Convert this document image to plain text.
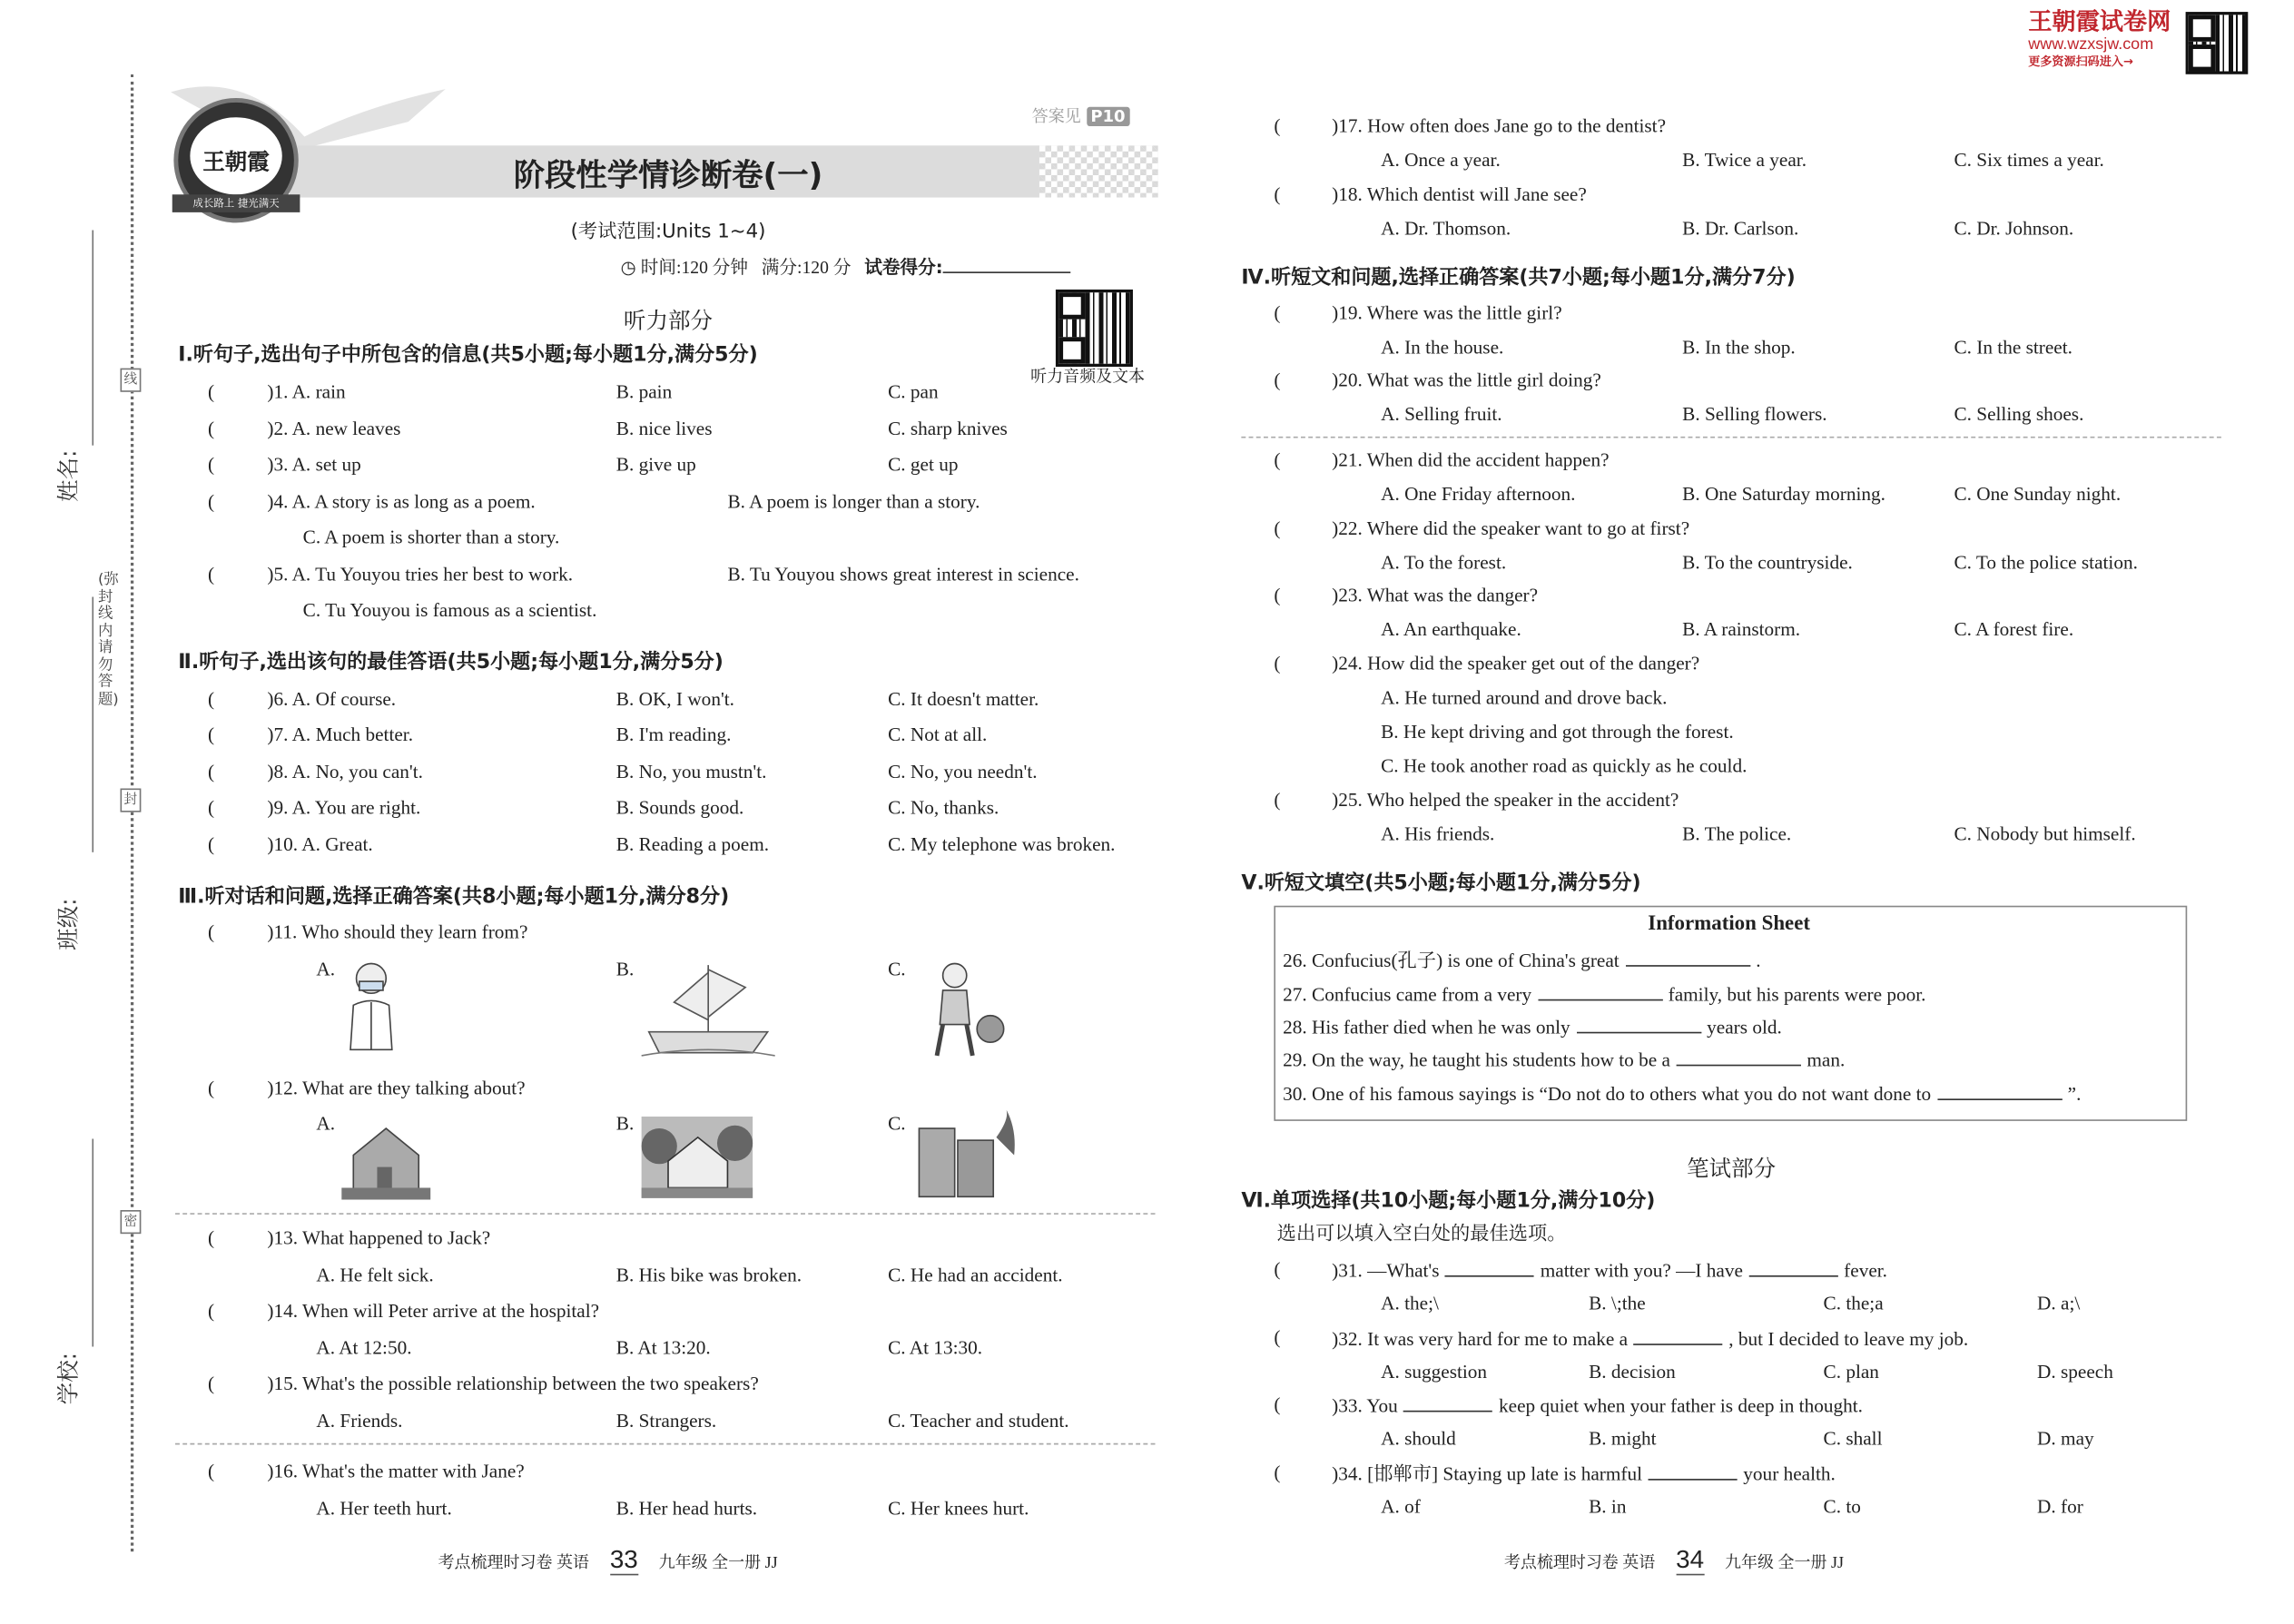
线
封
密
姓名:
班级:
学校:
(弥封线内请勿答题)
王朝霞
成长路上 捷光满天
答案见 P10
阶段性学情诊断卷(一)
(考试范围:Units 1~4)
◷ 时间:120 分钟 满分:120 分 试卷得分:
听力音频及文本
听力部分
王朝霞试卷网
www.wzxsjw.com
更多资源扫码进入→
Information Sheet
笔试部分
考点梳理时习卷 英语 33 九年级 全一册 JJ	考点梳理时习卷 英语 34 九年级 全一册 JJ
Ⅰ.听句子,选出句子中所包含的信息(共5小题;每小题1分,满分5分)
(	)1. A. rain	B. pain	C. pan
(	)2. A. new leaves	B. nice lives	C. sharp knives
(	)3. A. set up	B. give up	C. get up
(	)6. A. Of course.	B. OK, I won't.	C. It doesn't matter.
(	)7. A. Much better.	B. I'm reading.	C. Not at all.
(	)8. A. No, you can't.	B. No, you mustn't.	C. No, you needn't.
(	)9. A. You are right.	B. Sounds good.	C. No, thanks.
(	)10. A. Great.	B. Reading a poem.	C. My telephone was broken.
(	)4. A. A story is as long as a poem.	B. A poem is longer than a story.
C. A poem is shorter than a story.
(	)5. A. Tu Youyou tries her best to work.	B. Tu Youyou shows great interest in science.
C. Tu Youyou is famous as a scientist.
Ⅱ.听句子,选出该句的最佳答语(共5小题;每小题1分,满分5分)
Ⅲ.听对话和问题,选择正确答案(共8小题;每小题1分,满分8分)
(	)11. Who should they learn from?
A.	B.	C.
(	)12. What are they talking about?
A.	B.	C.
(	)13. What happened to Jack?
A. He felt sick.	B. His bike was broken.	C. He had an accident.
(	)14. When will Peter arrive at the hospital?
A. At 12:50.	B. At 13:20.	C. At 13:30.
(	)15. What's the possible relationship between the two speakers?
A. Friends.	B. Strangers.	C. Teacher and student.
(	)16. What's the matter with Jane?
A. Her teeth hurt.	B. Her head hurts.	C. Her knees hurt.
(	)17. How often does Jane go to the dentist?
A. Once a year.	B. Twice a year.	C. Six times a year.
(	)18. Which dentist will Jane see?
A. Dr. Thomson.	B. Dr. Carlson.	C. Dr. Johnson.
(	)19. Where was the little girl?
A. In the house.	B. In the shop.	C. In the street.
(	)20. What was the little girl doing?
A. Selling fruit.	B. Selling flowers.	C. Selling shoes.
(	)21. When did the accident happen?
A. One Friday afternoon.	B. One Saturday morning.	C. One Sunday night.
(	)22. Where did the speaker want to go at first?
A. To the forest.	B. To the countryside.	C. To the police station.
(	)23. What was the danger?
A. An earthquake.	B. A rainstorm.	C. A forest fire.
(	)25. Who helped the speaker in the accident?
A. His friends.	B. The police.	C. Nobody but himself.
(	)24. How did the speaker get out of the danger?
A. He turned around and drove back.
B. He kept driving and got through the forest.
C. He took another road as quickly as he could.
Ⅳ.听短文和问题,选择正确答案(共7小题;每小题1分,满分7分)
Ⅴ.听短文填空(共5小题;每小题1分,满分5分)
Ⅵ.单项选择(共10小题;每小题1分,满分10分)
选出可以填入空白处的最佳选项。
(	)31. —What's	matter with you? —I have	fever.
A. the;\	B. \;the	C. the;a	D. a;\
(	)32. It was very hard for me to make a	, but I decided to leave my job.
A. suggestion	B. decision	C. plan	D. speech
(	)33. You	keep quiet when your father is deep in thought.
A. should	B. might	C. shall	D. may
(	)34. [邯郸市] Staying up late is harmful	your health.
A. of	B. in	C. to	D. for
26. Confucius(孔子) is one of China's great	.
27. Confucius came from a very	family, but his parents were poor.
28. His father died when he was only	years old.
29. On the way, he taught his students how to be a	man.
30. One of his famous sayings is “Do not do to others what you do not want done to	”.
